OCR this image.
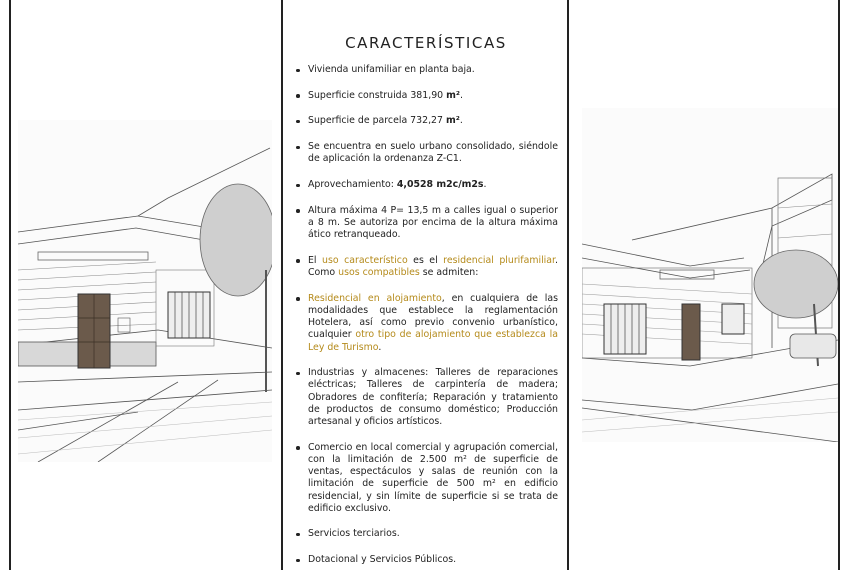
CARACTERÍSTICAS
Vivienda unifamiliar en planta baja.
Superficie construida 381,90 m².
Superficie de parcela 732,27 m².
Se encuentra en suelo urbano consolidado, siéndole de aplicación la ordenanza Z-C1.
Aprovechamiento: 4,0528 m2c/m2s.
Altura máxima 4 P= 13,5 m a calles igual o superior a 8 m. Se autoriza por encima de la altura máxima ático retranqueado.
El uso característico es el residencial plurifamiliar. Como usos compatibles se admiten:
Residencial en alojamiento, en cualquiera de las modalidades que establece la reglamentación Hotelera, así como previo convenio urbanístico, cualquier otro tipo de alojamiento que establezca la Ley de Turismo.
Industrias y almacenes: Talleres de reparaciones eléctricas; Talleres de carpintería de madera; Obradores de confitería; Reparación y tratamiento de productos de consumo doméstico; Producción artesanal y oficios artísticos.
Comercio en local comercial y agrupación comercial, con la limitación de 2.500 m² de superficie de ventas, espectáculos y salas de reunión con la limitación de superficie de 500 m² en edificio residencial, y sin límite de superficie si se trata de edificio exclusivo.
Servicios terciarios.
Dotacional y Servicios Públicos.
